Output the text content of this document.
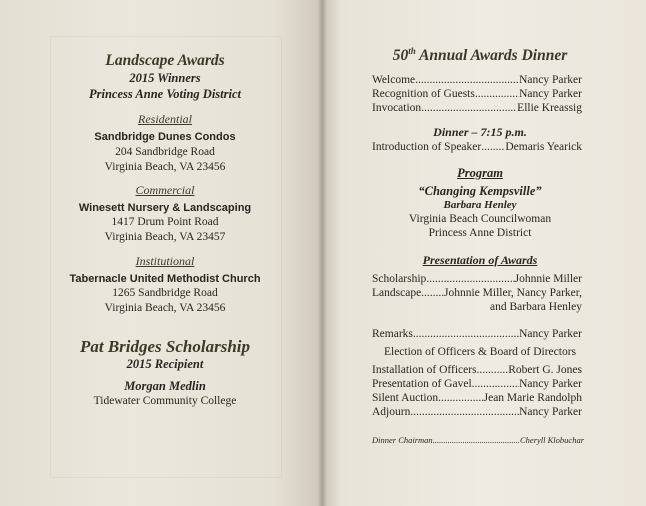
Landscape Awards
2015 Winners
Princess Anne Voting District
Residential
Sandbridge Dunes Condos
204 Sandbridge Road
Virginia Beach, VA 23456
Commercial
Winesett Nursery & Landscaping
1417 Drum Point Road
Virginia Beach, VA 23457
Institutional
Tabernacle United Methodist Church
1265 Sandbridge Road
Virginia Beach, VA 23456
Pat Bridges Scholarship
2015 Recipient
Morgan Medlin
Tidewater Community College
50th Annual Awards Dinner
Welcome .....	Nancy Parker
Recognition of Guests .....	Nancy Parker
Invocation .....	Ellie Kreassig
Dinner – 7:15 p.m.
Introduction of Speaker ..... Demaris Yearick
Program
“Changing Kempsville”
Barbara Henley
Virginia Beach Councilwoman
Princess Anne District
Presentation of Awards
Scholarship .....	Johnnie Miller
Landscape ..... Johnnie Miller, Nancy Parker,
and Barbara Henley
Remarks .....	Nancy Parker
Election of Officers & Board of Directors
Installation of Officers .....	Robert G. Jones
Presentation of Gavel .....	Nancy Parker
Silent Auction .....	Jean Marie Randolph
Adjourn .....	Nancy Parker
Dinner Chairman .....	Cheryll Klobuchar
